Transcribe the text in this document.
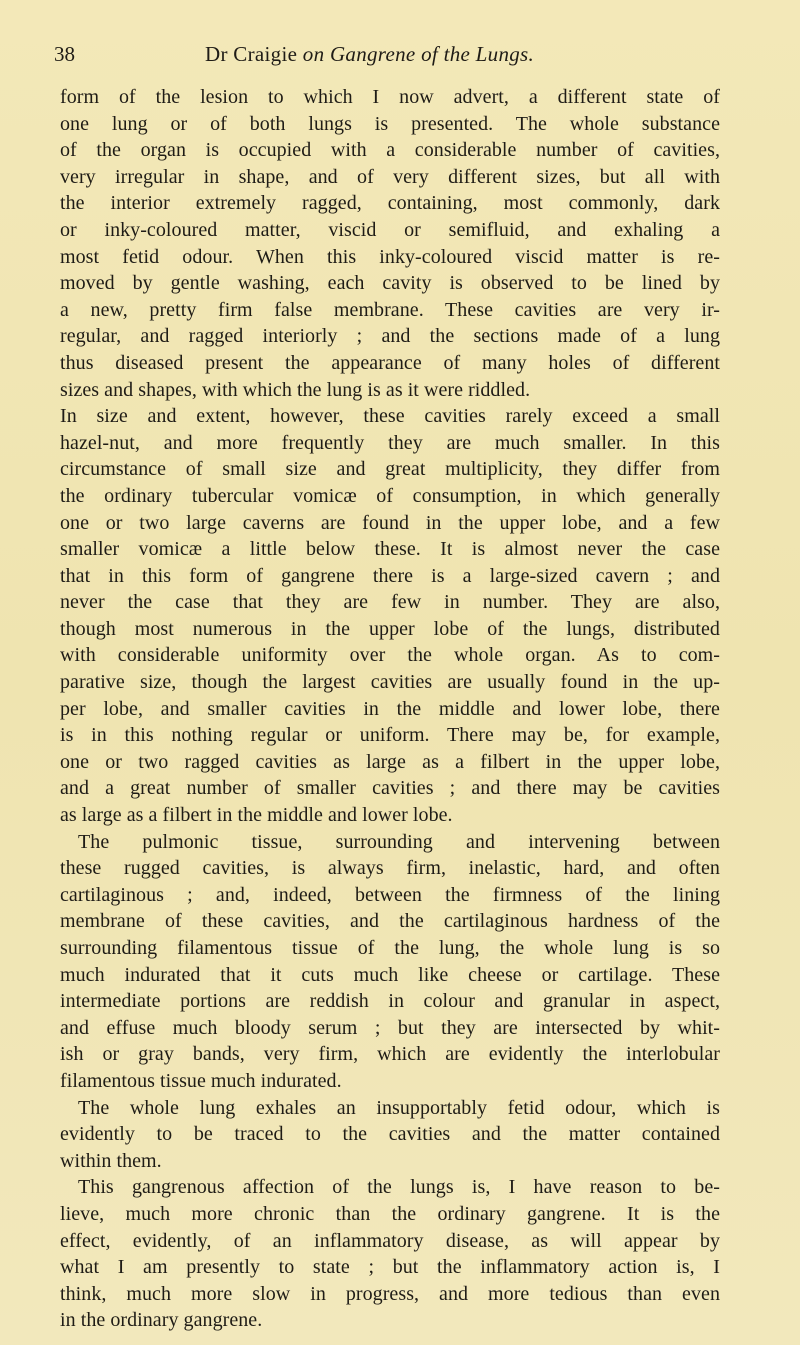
38	Dr Craigie on Gangrene of the Lungs.
form of the lesion to which I now advert, a different state of
one lung or of both lungs is presented. The whole substance
of the organ is occupied with a considerable number of cavities,
very irregular in shape, and of very different sizes, but all with
the interior extremely ragged, containing, most commonly, dark
or inky-coloured matter, viscid or semifluid, and exhaling a
most fetid odour. When this inky-coloured viscid matter is re-
moved by gentle washing, each cavity is observed to be lined by
a new, pretty firm false membrane. These cavities are very ir-
regular, and ragged interiorly ; and the sections made of a lung
thus diseased present the appearance of many holes of different
sizes and shapes, with which the lung is as it were riddled.
In size and extent, however, these cavities rarely exceed a small
hazel-nut, and more frequently they are much smaller. In this
circumstance of small size and great multiplicity, they differ from
the ordinary tubercular vomicæ of consumption, in which generally
one or two large caverns are found in the upper lobe, and a few
smaller vomicæ a little below these. It is almost never the case
that in this form of gangrene there is a large-sized cavern ; and
never the case that they are few in number. They are also,
though most numerous in the upper lobe of the lungs, distributed
with considerable uniformity over the whole organ. As to com-
parative size, though the largest cavities are usually found in the up-
per lobe, and smaller cavities in the middle and lower lobe, there
is in this nothing regular or uniform. There may be, for example,
one or two ragged cavities as large as a filbert in the upper lobe,
and a great number of smaller cavities ; and there may be cavities
as large as a filbert in the middle and lower lobe.
The pulmonic tissue, surrounding and intervening between
these rugged cavities, is always firm, inelastic, hard, and often
cartilaginous ; and, indeed, between the firmness of the lining
membrane of these cavities, and the cartilaginous hardness of the
surrounding filamentous tissue of the lung, the whole lung is so
much indurated that it cuts much like cheese or cartilage. These
intermediate portions are reddish in colour and granular in aspect,
and effuse much bloody serum ; but they are intersected by whit-
ish or gray bands, very firm, which are evidently the interlobular
filamentous tissue much indurated.
The whole lung exhales an insupportably fetid odour, which is
evidently to be traced to the cavities and the matter contained
within them.
This gangrenous affection of the lungs is, I have reason to be-
lieve, much more chronic than the ordinary gangrene. It is the
effect, evidently, of an inflammatory disease, as will appear by
what I am presently to state ; but the inflammatory action is, I
think, much more slow in progress, and more tedious than even
in the ordinary gangrene.
